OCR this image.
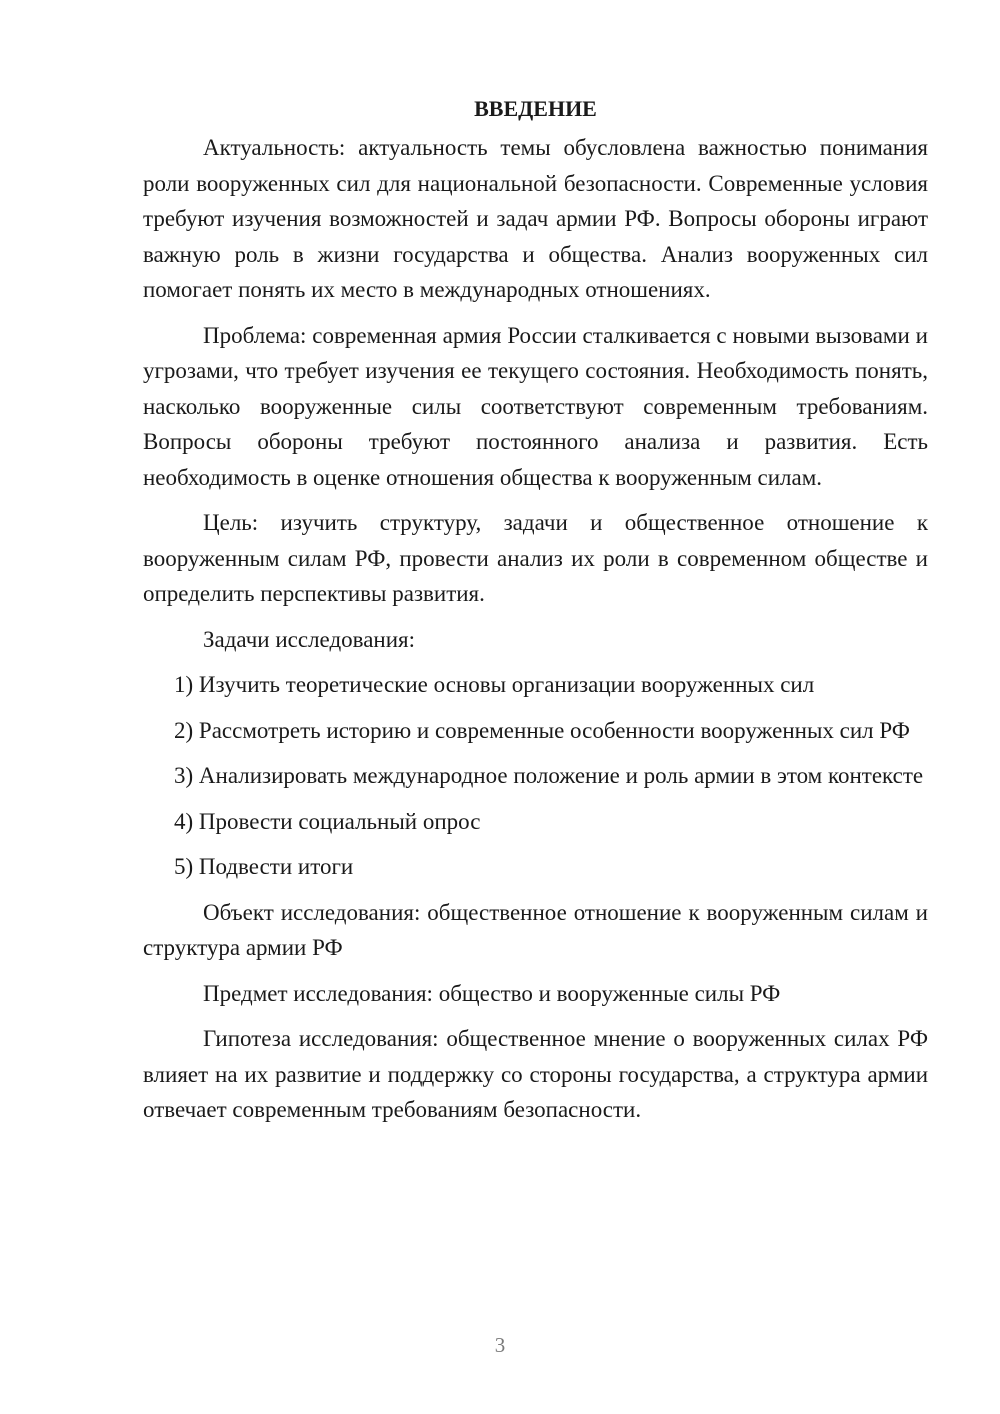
ВВЕДЕНИЕ

Актуальность: актуальность темы обусловлена важностью понимания роли вооруженных сил для национальной безопасности. Современные условия требуют изучения возможностей и задач армии РФ. Вопросы обороны играют важную роль в жизни государства и общества. Анализ вооруженных сил помогает понять их место в международных отношениях.

Проблема: современная армия России сталкивается с новыми вызовами и угрозами, что требует изучения ее текущего состояния. Необходимость понять, насколько вооруженные силы соответствуют современным требованиям. Вопросы обороны требуют постоянного анализа и развития. Есть необходимость в оценке отношения общества к вооруженным силам.

Цель: изучить структуру, задачи и общественное отношение к вооруженным силам РФ, провести анализ их роли в современном обществе и определить перспективы развития.

Задачи исследования:

1) Изучить теоретические основы организации вооруженных сил

2) Рассмотреть историю и современные особенности вооруженных сил РФ

3) Анализировать международное положение и роль армии в этом контексте

4) Провести социальный опрос

5) Подвести итоги

Объект исследования: общественное отношение к вооруженным силам и структура армии РФ

Предмет исследования: общество и вооруженные силы РФ

Гипотеза исследования: общественное мнение о вооруженных силах РФ влияет на их развитие и поддержку со стороны государства, а структура армии отвечает современным требованиям безопасности.

3
